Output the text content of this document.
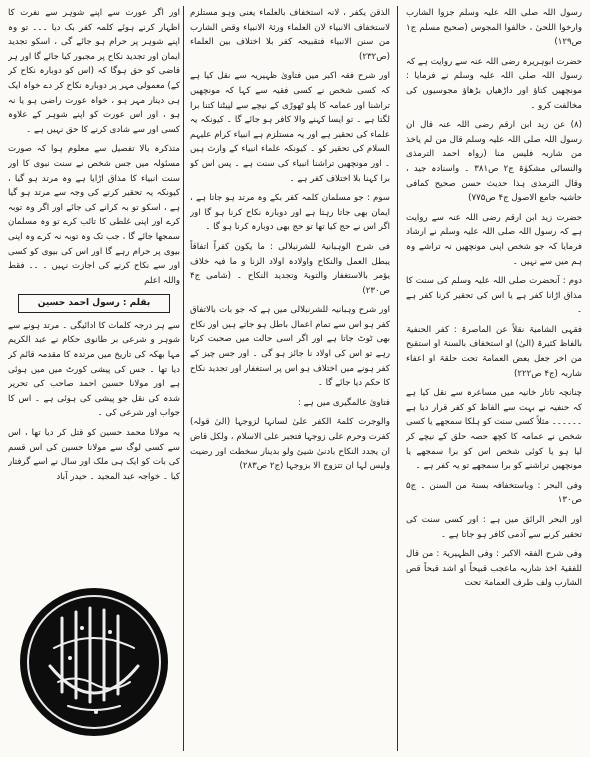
رسول اللہ صلی اللہ علیہ وسلم جزوا الشارب وارخوا اللحیٰ ، خالفوا المجوس (صحیح مسلم ج۱ ص۱۲۹)

حضرت ابوہریرہ رضی اللہ عنہ سے روایت ہے کہ رسول اللہ صلی اللہ علیہ وسلم نے فرمایا : مونچھیں کتاؤ اور داڑھیاں بڑھاؤ مجوسیوں کی مخالفت کرو ۔

(۸) عن زید ابن ارقم رضی اللہ عنہ قال ان رسول اللہ صلی اللہ علیہ وسلم قال من لم یاخذ من شاربہ فلیس منا (رواہ احمد الترمذی والنسائی مشکوٰۃ ج۲ ص۳۸۱ ۔ واسنادہ جید ، وقال الترمذی ہذا حدیث حسن صحیح کمافی حاشیہ جامع الاصول ج۴ ص۷۷۵)

حضرت زید ابن ارقم رضی اللہ عنہ سے روایت ہے کہ رسول اللہ صلی اللہ علیہ وسلم نے ارشاد فرمایا کہ جو شخص اپنی مونچھیں نہ تراشے وہ ہم میں سے نہیں ۔

دوم : آنحضرت صلی اللہ علیہ وسلم کی سنت کا مذاق اڑانا کفر ہے یا اس کی تحقیر کرنا کفر ہے ۔

فقہی الشامیۃ نقلاً عن الماصرۃ : کفر الحنفیۃ بالفاظ کثیرۃ (الیٰ) او استخفاف بالسنۃ او استقبح من اخر جعل بعض العمامۃ تحت حلقۃ او اعفاء شاربہ (ج۴ ص۲۲۲)

چنانچہ تاتار خانیہ میں مساعرہ سے نقل کیا ہے کہ حنفیہ نے بہت سے الفاظ کو کفر قرار دیا ہے ۔۔۔۔۔۔ مثلاً کسی سنت کو ہلکا سمجھے یا کسی شخص نے عمامہ کا کچھ حصہ حلق کے نیچے کر لیا ہو یا کوئی شخص اس کو برا سمجھے یا مونچھیں تراشنے کو برا سمجھے تو یہ کفر ہے ۔

وفی البحر : وباستخفافہ بسنۃ من السنن ۔ ج۵ ص۱۳۰

اور البحر الرائق میں ہے : اور کسی سنت کی تحقیر کرنے سے آدمی کافر ہو جاتا ہے ۔

وفی شرح الفقہ الاکبر : وفی الظہیریۃ : من قال للفقیۃ اخذ شاربہ ماعجب قبیحاً او اشد قبحاً قص الشارب ولف طرف العمامۃ تحت

الذقن یکفر ، لانہ استخفاف بالعلماء یعنی وہو مستلزم لاستخفاف الانبیاء لان العلماء ورثۃ الانبیاء وقص الشارب من سنن الانبیاء فتقبیحہ کفر بلا اختلاف بین العلماء (ص۲۳۲)

اور شرح فقہ اکبر میں فتاویٰ ظہیریہ سے نقل کیا ہے کہ کسی شخص نے کسی فقیہ سے کہا کہ مونچھیں تراشنا اور عمامہ کا پلو ٹھوڑی کے نیچے سے لپیٹنا کتنا برا لگتا ہے ۔ تو ایسا کہنے والا کافر ہو جائے گا ۔ کیونکہ یہ علماء کی تحقیر ہے اور یہ مستلزم ہے انبیاء کرام علیہم السلام کی تحقیر کو ۔ کیونکہ علماء انبیاء کے وارث ہیں ۔ اور مونچھیں تراشنا انبیاء کی سنت ہے ۔ پس اس کو برا کہنا بلا اختلاف کفر ہے ۔

سوم : جو مسلمان کلمہ کفر بکے وہ مرتد ہو جاتا ہے ، ایمان بھی جاتا رہتا ہے اور دوبارہ نکاح کرنا ہو گا اور اگر اس نے حج کیا تھا تو حج بھی دوبارہ کرنا ہو گا ۔

فی شرح الوہبانیۃ للشرنبلالی : ما یکون کفراً اتفاقاً یبطل العمل والنکاح واولادہ اولاد الزنا و ما فیہ خلاف یؤمر بالاستغفار والتوبۃ وتجدید النکاح ۔ (شامی ج۴ ص۲۳۰)

اور شرح وہبانیہ للشرنبلالی میں ہے کہ جو بات بالاتفاق کفر ہو اس سے تمام اعمال باطل ہو جاتے ہیں اور نکاح بھی ٹوٹ جاتا ہے اور اگر اسی حالت میں صحبت کرتا رہے تو اس کی اولاد نا جائز ہو گی ۔ اور جس چیز کے کفر ہونے میں اختلاف ہو اس پر استغفار اور تجدید نکاح کا حکم دیا جائے گا ۔

فتاویٰ عالمگیری میں ہے :

والوجرت کلمۃ الکفر علیٰ لسانہا لزوجہا (الیٰ قولہ) کفرت وحرم علی زوجہا فتجبر علی الاسلام ، ولکل قاض ان یجدد النکاح بادنیٰ شیئ ولو بدینار سخطت اور رضیت ولیس لہا ان تتزوج الا بزوجہا (ج۲ ص۲۸۳)

اور اگر عورت سے اپنے شوہر سے نفرت کا اظہار کرنے ہوئے کلمہ کفر بک دیا ۔۔۔ تو وہ اپنے شوہر پر حرام ہو جائے گی ، اسکو تجدید ایمان اور تجدید نکاح پر مجبور کیا جائے گا اور ہر قاضی کو حق ہوگا کہ (اس کو دوبارہ نکاح کر کے) معمولی مہر پر دوبارہ نکاح کر دے خواہ ایک ہی دینار مہر ہو ، خواہ عورت راضی ہو یا نہ ہو ، اور اس عورت کو اپنے شوہر کے علاوہ کسی اور سے شادی کرنے کا حق نہیں ہے ۔

متذکرہ بالا تفصیل سے معلوم ہوا کہ صورت مسئولہ میں جس شخص نے سنت نبوی کا اور سنت انبیاء کا مذاق اڑایا ہے وہ مرتد ہو گیا ، کیونکہ یہ تحقیر کرنے کی وجہ سے مرتد ہو گیا ہے ، اسکو تو بہ کرانے کی جائے اور اگر وہ توبہ کرے اور اپنی غلطی کا تائب کرے تو وہ مسلمان سمجھا جائے گا ، جب تک وہ توبہ نہ کرے وہ اپنی بیوی پر حرام رہے گا اور اس کی بیوی کو کسی اور سے نکاح کرنے کی اجازت نہیں ۔ ۔۔ فقط واللہ اعلم

بقلم : رسول احمد حسین

سے ہر درجہ کلمات کا ادائیگی ۔ مرتد ہونے سے شوہر و شرعی بر طانوی حکام نے عبد الکریم مہا بھکہ کی تاریخ میں مرتدہ کا مقدمہ قائم کر دیا تھا ۔ جس کی پیشی کورٹ میں میں ہوئی ہے اور مولانا حسین احمد صاحب کی تحریر شدہ کی نقل جو پیشی کی ہوئی ہے ۔ اس کا جواب اور شرعی کی ۔

یہ مولانا محمد حسین کو قتل کر دیا تھا ، اس سے کسی لوگ سے مولانا حسین کی اس قسم کی بات کو ایک ہی ملک اور سال نے اسے گرفتار کیا ۔ خواجہ عبد المجید ۔ حیدر آباد
